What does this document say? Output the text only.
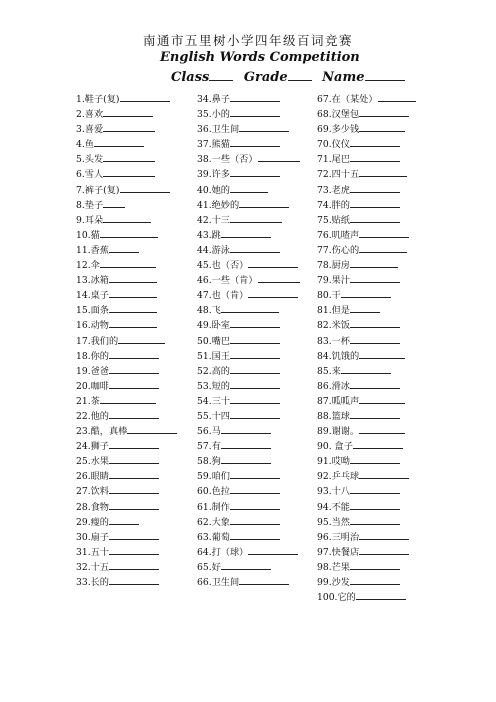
南通市五里树小学四年级百词竞赛
English Words Competition
Class	Grade	Name
1.鞋子(复)
2.喜欢
3.喜爱
4.鱼
5.头发
6.雪人
7.裤子(复)
8.垫子
9.耳朵
10.猫
11.香蕉
12.伞
13.冰箱
14.桌子
15.面条
16.动物
17.我们的
18.你的
19.爸爸
20.咖啡
21.茶
22.他的
23.酷，真棒
24.狮子
25.水果
26.眼睛
27.饮料
28.食物
29.瘦的
30.扇子
31.五十
32.十五
33.长的
34.鼻子
35.小的
36.卫生间
37.熊猫
38.一些（否）
39.许多
40.她的
41.绝妙的
42.十三
43.跳
44.游泳
45.也（否）
46.一些（肯）
47.也（肯）
48.飞
49.卧室
50.嘴巴
51.国王
52.高的
53.短的
54.三十
55.十四
56.马
57.有
58.狗
59.咱们
60.色拉
61.制作
62.大象
63.葡萄
64.打（球）
65.好
66.卫生间
67.在（某处）
68.汉堡包
69.多少钱
70.仪仪
71.尾巴
72.四十五
73.老虎
74.胖的
75.贴纸
76.叽喳声
77.伤心的
78.厨房
79.果汁
80.干
81.但是
82.米饭
83.一杯
84.饥饿的
85.来
86.滑冰
87.呱呱声
88.篮球
89.谢谢。
90. 盒子
91.哎呦
92.乒乓球
93.十八
94.不能
95.当然
96.三明治
97.快餐店
98.芒果
99.沙发
100.它的
